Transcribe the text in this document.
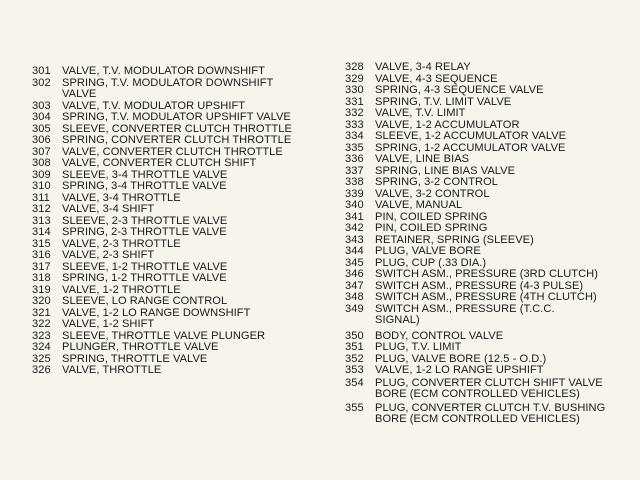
301	VALVE, T.V. MODULATOR DOWNSHIFT
302	SPRING, T.V. MODULATOR DOWNSHIFT
VALVE
303	VALVE, T.V. MODULATOR UPSHIFT
304	SPRING, T.V. MODULATOR UPSHIFT VALVE
305	SLEEVE, CONVERTER CLUTCH THROTTLE
306	SPRING, CONVERTER CLUTCH THROTTLE
307	VALVE, CONVERTER CLUTCH THROTTLE
308	VALVE, CONVERTER CLUTCH SHIFT
309	SLEEVE, 3-4 THROTTLE VALVE
310	SPRING, 3-4 THROTTLE VALVE
311	VALVE, 3-4 THROTTLE
312	VALVE, 3-4 SHIFT
313	SLEEVE, 2-3 THROTTLE VALVE
314	SPRING, 2-3 THROTTLE VALVE
315	VALVE, 2-3 THROTTLE
316	VALVE, 2-3 SHIFT
317	SLEEVE, 1-2 THROTTLE VALVE
318	SPRING, 1-2 THROTTLE VALVE
319	VALVE, 1-2 THROTTLE
320	SLEEVE, LO RANGE CONTROL
321	VALVE, 1-2 LO RANGE DOWNSHIFT
322	VALVE, 1-2 SHIFT
323	SLEEVE, THROTTLE VALVE PLUNGER
324	PLUNGER, THROTTLE VALVE
325	SPRING, THROTTLE VALVE
326	VALVE, THROTTLE
328	VALVE, 3-4 RELAY
329	VALVE, 4-3 SEQUENCE
330	SPRING, 4-3 SEQUENCE VALVE
331	SPRING, T.V. LIMIT VALVE
332	VALVE, T.V. LIMIT
333	VALVE, 1-2 ACCUMULATOR
334	SLEEVE, 1-2 ACCUMULATOR VALVE
335	SPRING, 1-2 ACCUMULATOR VALVE
336	VALVE, LINE BIAS
337	SPRING, LINE BIAS VALVE
338	SPRING, 3-2 CONTROL
339	VALVE, 3-2 CONTROL
340	VALVE, MANUAL
341	PIN, COILED SPRING
342	PIN, COILED SPRING
343	RETAINER, SPRING (SLEEVE)
344	PLUG, VALVE BORE
345	PLUG, CUP (.33 DIA.)
346	SWITCH ASM., PRESSURE (3RD CLUTCH)
347	SWITCH ASM., PRESSURE (4-3 PULSE)
348	SWITCH ASM., PRESSURE (4TH CLUTCH)
349	SWITCH ASM., PRESSURE (T.C.C.
SIGNAL)
350	BODY, CONTROL VALVE
351	PLUG, T.V. LIMIT
352	PLUG, VALVE BORE (12.5 - O.D.)
353	VALVE, 1-2 LO RANGE UPSHIFT
354	PLUG, CONVERTER CLUTCH SHIFT VALVE
BORE (ECM CONTROLLED VEHICLES)
355	PLUG, CONVERTER CLUTCH T.V. BUSHING
BORE (ECM CONTROLLED VEHICLES)
